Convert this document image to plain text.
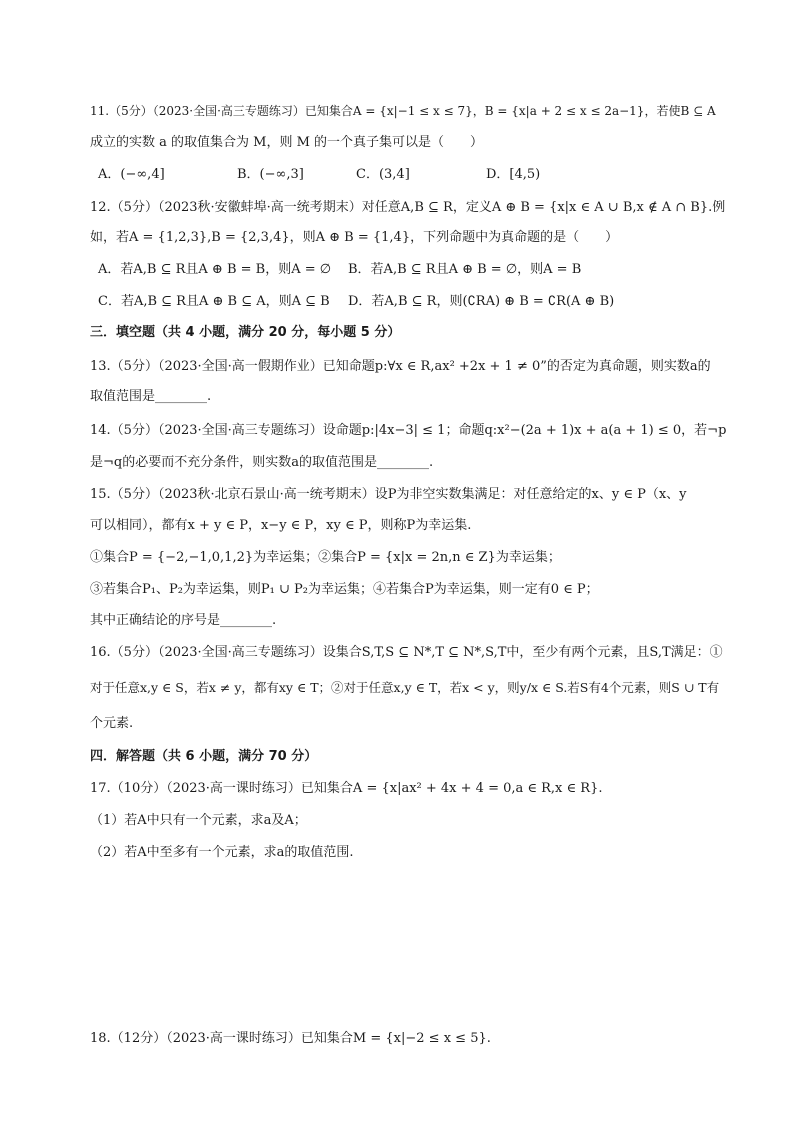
11.（5分）（2023·全国·高三专题练习）已知集合A = {x|−1 ≤ x ≤ 7}，B = {x|a + 2 ≤ x ≤ 2a−1}，若使B ⊆ A
成立的实数 a 的取值集合为 M，则 M 的一个真子集可以是（　　）
A．(−∞,4]	B．(−∞,3]	C．(3,4]	D．[4,5)
12.（5分）（2023秋·安徽蚌埠·高一统考期末）对任意A,B ⊆ R，定义A ⊕ B = {x|x ∈ A ∪ B,x ∉ A ∩ B}.例
如，若A = {1,2,3},B = {2,3,4}，则A ⊕ B = {1,4}，下列命题中为真命题的是（　　）
A．若A,B ⊆ R且A ⊕ B = B，则A = ∅ B．若A,B ⊆ R且A ⊕ B = ∅，则A = B
C．若A,B ⊆ R且A ⊕ B ⊆ A，则A ⊆ B D．若A,B ⊆ R，则(∁RA) ⊕ B = ∁R(A ⊕ B)
三．填空题（共 4 小题，满分 20 分，每小题 5 分）
13.（5分）（2023·全国·高一假期作业）已知命题p:∀x ∈ R,ax² +2x + 1 ≠ 0”的否定为真命题，则实数a的
取值范围是________.
14.（5分）（2023·全国·高三专题练习）设命题p:|4x−3| ≤ 1；命题q:x²−(2a + 1)x + a(a + 1) ≤ 0，若¬p
是¬q的必要而不充分条件，则实数a的取值范围是________.
15.（5分）（2023秋·北京石景山·高一统考期末）设P为非空实数集满足：对任意给定的x、y ∈ P（x、y
可以相同），都有x + y ∈ P，x−y ∈ P，xy ∈ P，则称P为幸运集.
①集合P = {−2,−1,0,1,2}为幸运集；②集合P = {x|x = 2n,n ∈ Z}为幸运集；
③若集合P₁、P₂为幸运集，则P₁ ∪ P₂为幸运集；④若集合P为幸运集，则一定有0 ∈ P；
其中正确结论的序号是________.
16.（5分）（2023·全国·高三专题练习）设集合S,T,S ⊆ N*,T ⊆ N*,S,T中，至少有两个元素，且S,T满足：①
对于任意x,y ∈ S，若x ≠ y，都有xy ∈ T；②对于任意x,y ∈ T，若x < y，则y/x ∈ S.若S有4个元素，则S ∪ T有
个元素.
四．解答题（共 6 小题，满分 70 分）
17.（10分）（2023·高一课时练习）已知集合A = {x|ax² + 4x + 4 = 0,a ∈ R,x ∈ R}.
（1）若A中只有一个元素，求a及A；
（2）若A中至多有一个元素，求a的取值范围.
18.（12分）（2023·高一课时练习）已知集合M = {x|−2 ≤ x ≤ 5}.
